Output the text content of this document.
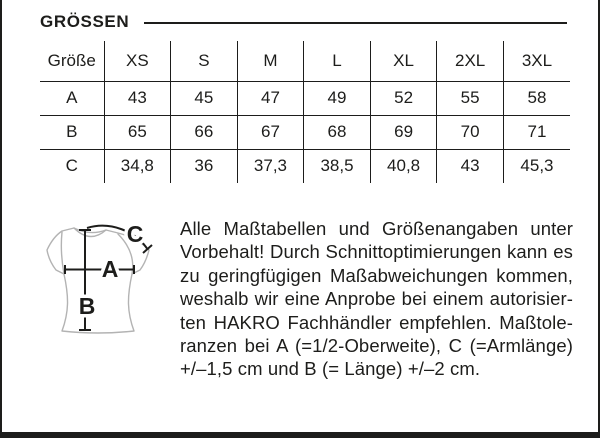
GRÖSSEN
Größe	XS	S	M	L	XL	2XL	3XL
A	43	45	47	49	52	55	58
B	65	66	67	68	69	70	71
C	34,8	36	37,3	38,5	40,8	43	45,3
A
B
C Alle Maßtabellen und Größenangaben unter
Vorbehalt! Durch Schnittoptimierungen kann es
zu geringfügigen Maßabweichungen kommen,
weshalb wir eine Anprobe bei einem autorisier-
ten HAKRO Fachhändler empfehlen. Maßtole-
ranzen bei A (=1/2-Oberweite), C (=Armlänge)
+/–1,5 cm und B (= Länge) +/–2 cm.
